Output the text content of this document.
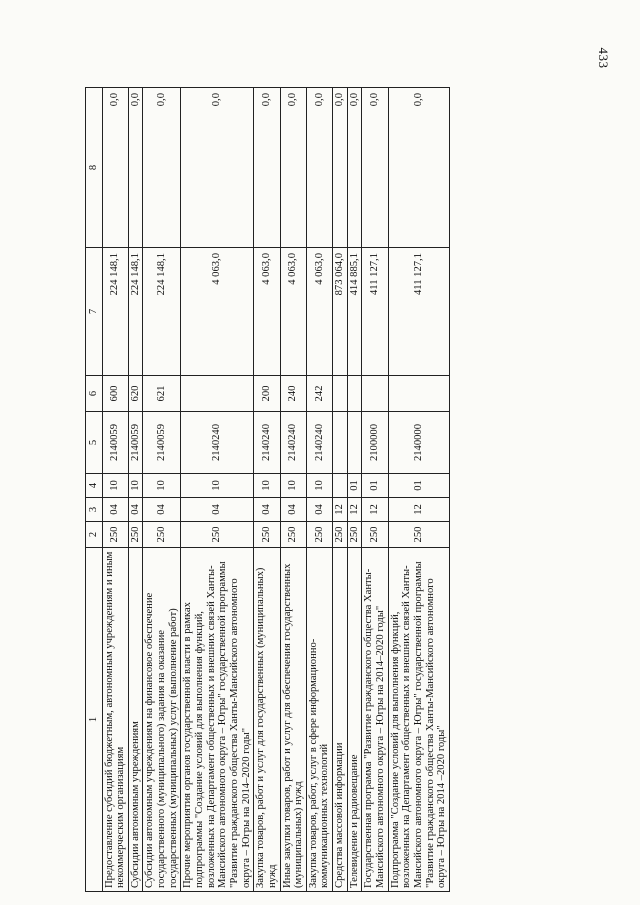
433
1	2	3	4	5	6	7	8
Предоставление субсидий бюджетным, автономным учреждениям и иным некоммерческим организациям	250	04	10	2140059	600	224 148,1	0,0
Субсидии автономным учреждениям	250	04	10	2140059	620	224 148,1	0,0
Субсидии автономным учреждениям на финансовое обеспечение государственного (муниципального) задания на оказание государственных (муниципальных) услуг (выполнение работ)	250	04	10	2140059	621	224 148,1	0,0
Прочие мероприятия органов государственной власти в рамках подпрограммы "Создание условий для выполнения функций, возложенных на Департамент общественных и внешних связей Ханты-Мансийского автономного округа – Югры" государственной программы "Развитие гражданского общества Ханты-Мансийского автономного округа – Югры на 2014–2020 годы"	250	04	10	2140240		4 063,0	0,0
Закупка товаров, работ и услуг для государственных (муниципальных) нужд	250	04	10	2140240	200	4 063,0	0,0
Иные закупки товаров, работ и услуг для обеспечения государственных (муниципальных) нужд	250	04	10	2140240	240	4 063,0	0,0
Закупка товаров, работ, услуг в сфере информационно-коммуникационных технологий	250	04	10	2140240	242	4 063,0	0,0
Средства массовой информации	250	12				873 064,0	0,0
Телевидение и радиовещание	250	12	01			414 885,1	0,0
Государственная программа "Развитие гражданского общества Ханты-Мансийского автономного округа – Югры на 2014–2020 годы"	250	12	01	2100000		411 127,1	0,0
Подпрограмма "Создание условий для выполнения функций, возложенных на Департамент общественных и внешних связей Ханты-Мансийского автономного округа – Югры" государственной программы "Развитие гражданского общества Ханты-Мансийского автономного округа – Югры на 2014 –2020 годы"	250	12	01	2140000		411 127,1	0,0
